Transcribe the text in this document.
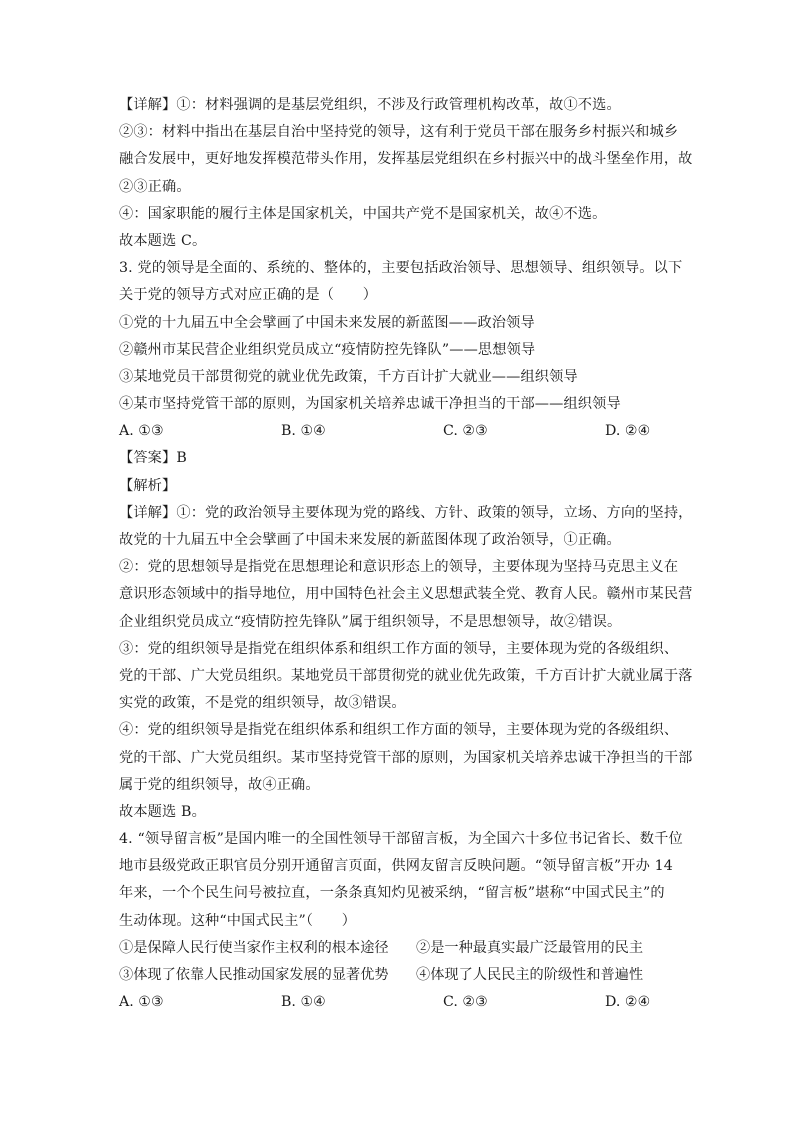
【详解】①：材料强调的是基层党组织，不涉及行政管理机构改革，故①不选。
②③：材料中指出在基层自治中坚持党的领导，这有利于党员干部在服务乡村振兴和城乡
融合发展中，更好地发挥模范带头作用，发挥基层党组织在乡村振兴中的战斗堡垒作用，故
②③正确。
④：国家职能的履行主体是国家机关，中国共产党不是国家机关，故④不选。
故本题选 C。
3. 党的领导是全面的、系统的、整体的，主要包括政治领导、思想领导、组织领导。以下
关于党的领导方式对应正确的是（　　）
①党的十九届五中全会擘画了中国未来发展的新蓝图——政治领导
②赣州市某民营企业组织党员成立“疫情防控先锋队”——思想领导
③某地党员干部贯彻党的就业优先政策，千方百计扩大就业——组织领导
④某市坚持党管干部的原则，为国家机关培养忠诚干净担当的干部——组织领导
A. ①③	B. ①④	C. ②③	D. ②④
【答案】B
【解析】
【详解】①：党的政治领导主要体现为党的路线、方针、政策的领导，立场、方向的坚持，
故党的十九届五中全会擘画了中国未来发展的新蓝图体现了政治领导，①正确。
②：党的思想领导是指党在思想理论和意识形态上的领导，主要体现为坚持马克思主义在
意识形态领域中的指导地位，用中国特色社会主义思想武装全党、教育人民。赣州市某民营
企业组织党员成立“疫情防控先锋队”属于组织领导，不是思想领导，故②错误。
③：党的组织领导是指党在组织体系和组织工作方面的领导，主要体现为党的各级组织、
党的干部、广大党员组织。某地党员干部贯彻党的就业优先政策，千方百计扩大就业属于落
实党的政策，不是党的组织领导，故③错误。
④：党的组织领导是指党在组织体系和组织工作方面的领导，主要体现为党的各级组织、
党的干部、广大党员组织。某市坚持党管干部的原则，为国家机关培养忠诚干净担当的干部
属于党的组织领导，故④正确。
故本题选 B。
4. “领导留言板”是国内唯一的全国性领导干部留言板，为全国六十多位书记省长、数千位
地市县级党政正职官员分别开通留言页面，供网友留言反映问题。“领导留言板”开办 14
年来，一个个民生问号被拉直，一条条真知灼见被采纳，“留言板”堪称“中国式民主”的
生动体现。这种“中国式民主”（　　）
①是保障人民行使当家作主权利的根本途径	②是一种最真实最广泛最管用的民主
③体现了依靠人民推动国家发展的显著优势	④体现了人民民主的阶级性和普遍性
A. ①③	B. ①④	C. ②③	D. ②④
